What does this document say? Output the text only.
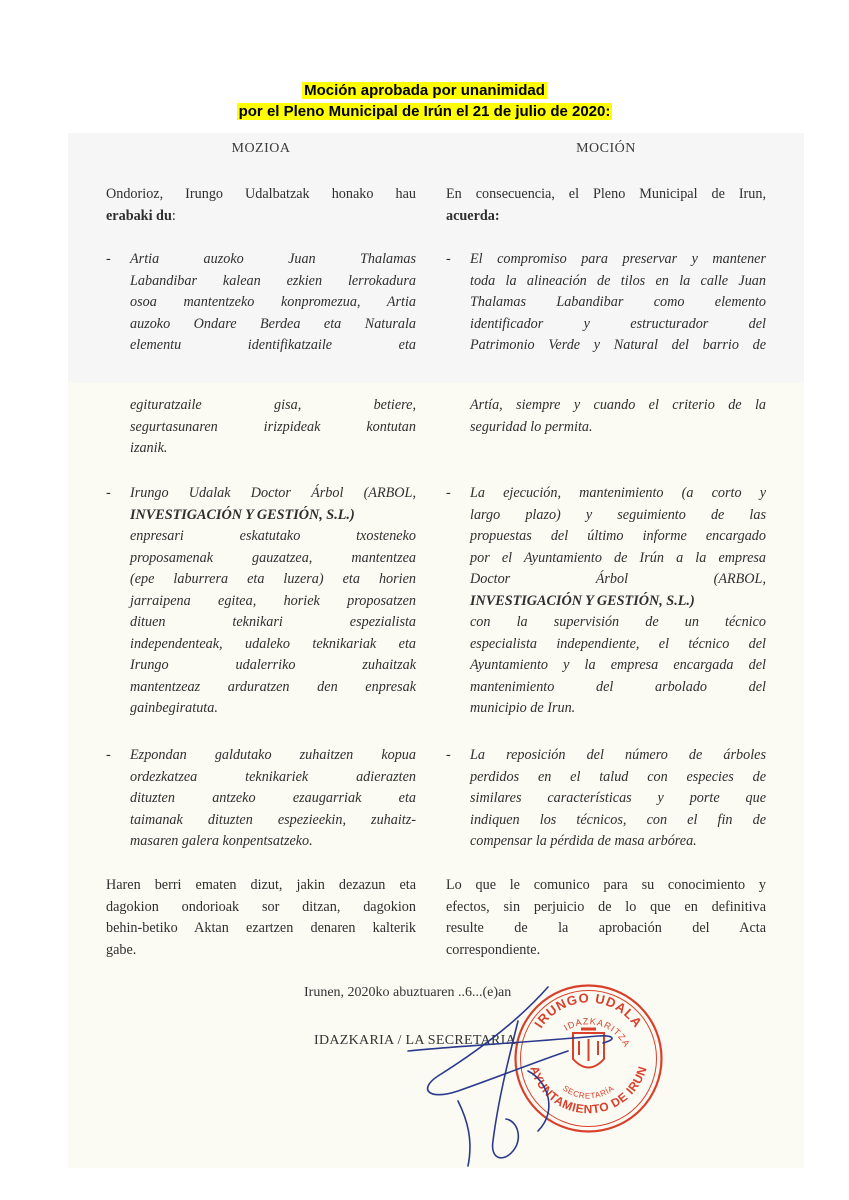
Moción aprobada por unanimidad
por el Pleno Municipal de Irún el 21 de julio de 2020:
MOZIOA	MOCIÓN
Ondorioz, Irungo Udalbatzak honako hau
erabaki du:
- Artia auzoko Juan Thalamas
Labandibar kalean ezkien lerrokadura
osoa mantentzeko konpromezua, Artia
auzoko Ondare Berdea eta Naturala
elementu identifikatzaile eta
egituratzaile gisa, betiere,
segurtasunaren irizpideak kontutan
izanik.
- Irungo Udalak Doctor Árbol (ARBOL,
INVESTIGACIÓN Y GESTIÓN, S.L.)
enpresari eskatutako txosteneko
proposamenak gauzatzea, mantentzea
(epe laburrera eta luzera) eta horien
jarraipena egitea, horiek proposatzen
dituen teknikari espezialista
independenteak, udaleko teknikariak eta
Irungo udalerriko zuhaitzak
mantentzeaz arduratzen den enpresak
gainbegiratuta.
- Ezpondan galdutako zuhaitzen kopua
ordezkatzea teknikariek adierazten
dituzten antzeko ezaugarriak eta
taimanak dituzten espezieekin, zuhaitz-
masaren galera konpentsatzeko.
Haren berri ematen dizut, jakin dezazun eta
dagokion ondorioak sor ditzan, dagokion
behin-betiko Aktan ezartzen denaren kalterik
gabe.
En consecuencia, el Pleno Municipal de Irun,
acuerda:
- El compromiso para preservar y mantener
toda la alineación de tilos en la calle Juan
Thalamas Labandibar como elemento
identificador y estructurador del
Patrimonio Verde y Natural del barrio de
Artía, siempre y cuando el criterio de la
seguridad lo permita.
- La ejecución, mantenimiento (a corto y
largo plazo) y seguimiento de las
propuestas del último informe encargado
por el Ayuntamiento de Irún a la empresa
Doctor Árbol (ARBOL,
INVESTIGACIÓN Y GESTIÓN, S.L.)
con la supervisión de un técnico
especialista independiente, el técnico del
Ayuntamiento y la empresa encargada del
mantenimiento del arbolado del
municipio de Irun.
- La reposición del número de árboles
perdidos en el talud con especies de
similares características y porte que
indiquen los técnicos, con el fin de
compensar la pérdida de masa arbórea.
Lo que le comunico para su conocimiento y
efectos, sin perjuicio de lo que en definitiva
resulte de la aprobación del Acta
correspondiente.
Irunen, 2020ko abuztuaren ..6...(e)an
IDAZKARIA / LA SECRETARIA
IRUNGO UDALA
IDAZKARITZA
AYUNTAMIENTO DE IRUN
SECRETARÍA
